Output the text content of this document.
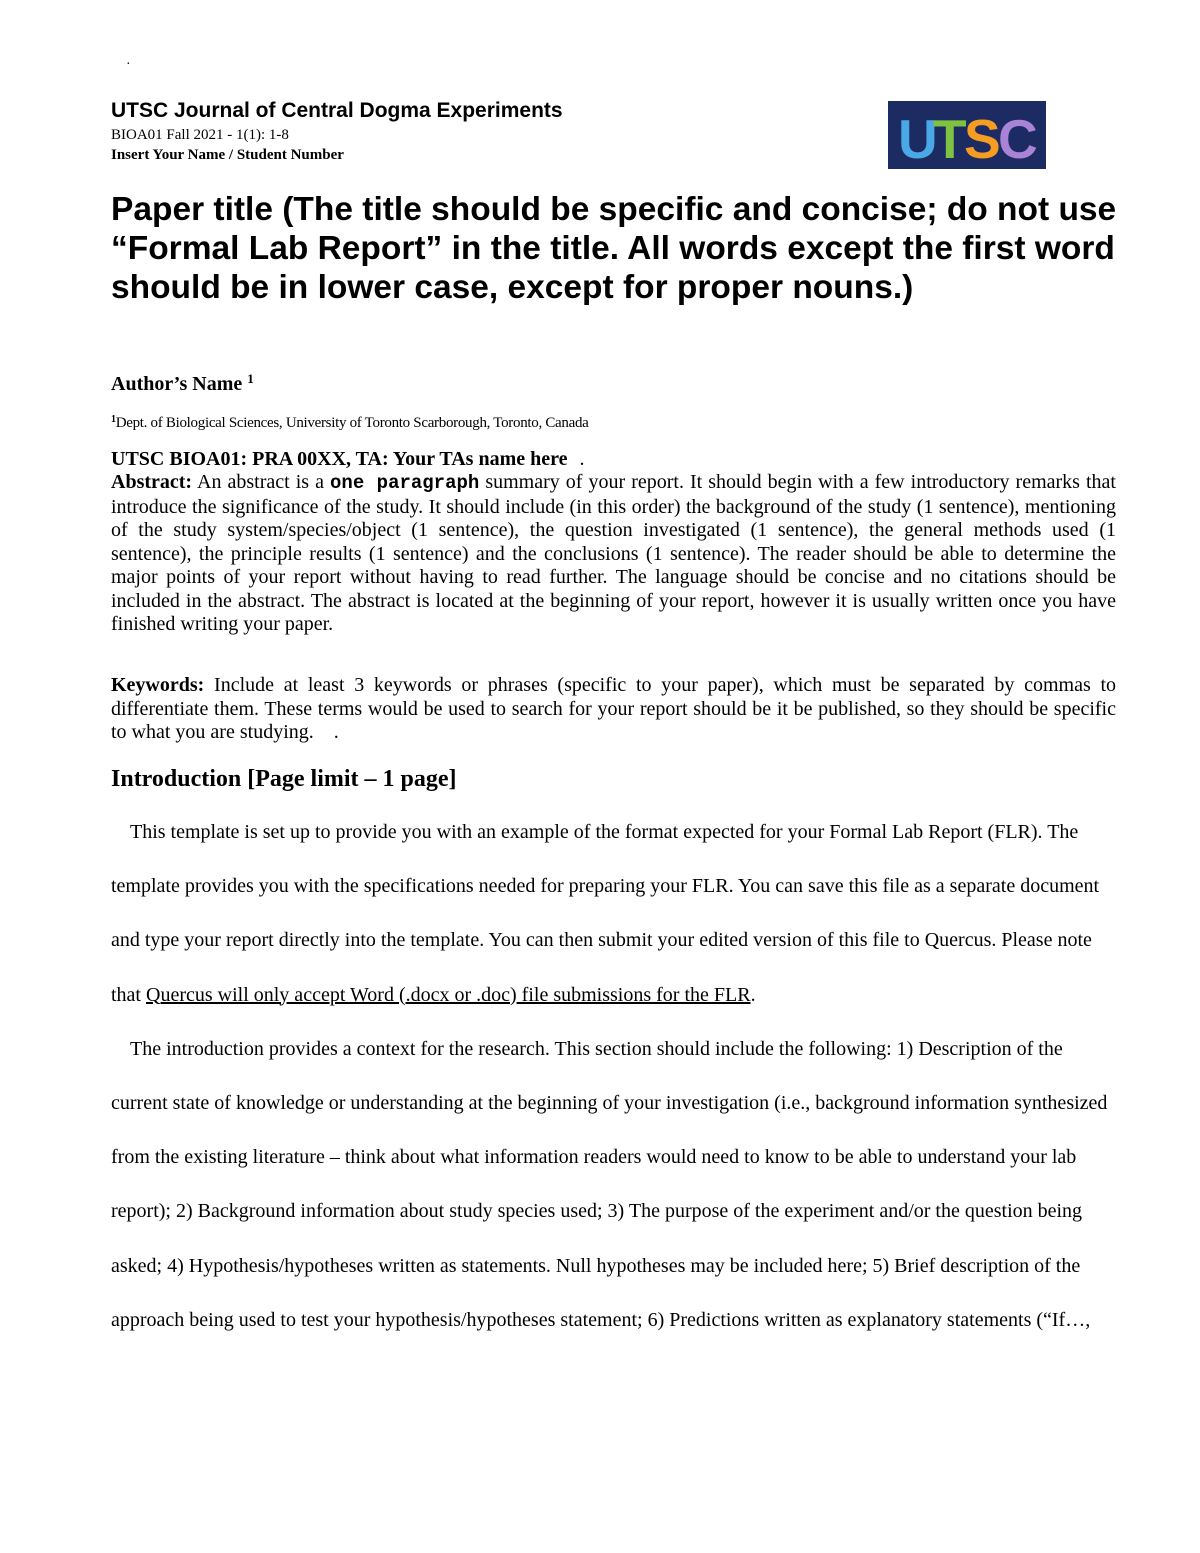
·
UTSC Journal of Central Dogma Experiments
BIOA01 Fall 2021 - 1(1): 1-8
Insert Your Name / Student Number	U
T
S
C
Paper title (The title should be specific and concise; do not use “Formal Lab Report” in the title. All words except the first word should be in lower case, except for proper nouns.)
Author’s Name $^1$
$^1$Dept. of Biological Sciences, University of Toronto Scarborough, Toronto, Canada
UTSC BIOA01: PRA 00XX, TA: Your TAs name here .

Abstract: An abstract is a one paragraph summary of your report. It should begin with a few introductory remarks that introduce the significance of the study. It should include (in this order) the background of the study (1 sentence), mentioning of the study system/species/object (1 sentence), the question investigated (1 sentence), the general methods used (1 sentence), the principle results (1 sentence) and the conclusions (1 sentence). The reader should be able to determine the major points of your report without having to read further. The language should be concise and no citations should be included in the abstract. The abstract is located at the beginning of your report, however it is usually written once you have finished writing your paper.

Keywords: Include at least 3 keywords or phrases (specific to your paper), which must be separated by commas to differentiate them. These terms would be used to search for your report should be it be published, so they should be specific to what you are studying.    .

Introduction [Page limit – 1 page]

This template is set up to provide you with an example of the format expected for your Formal Lab Report (FLR). The template provides you with the specifications needed for preparing your FLR. You can save this file as a separate document and type your report directly into the template. You can then submit your edited version of this file to Quercus. Please note that Quercus will only accept Word (.docx or .doc) file submissions for the FLR.

The introduction provides a context for the research. This section should include the following: 1) Description of the current state of knowledge or understanding at the beginning of your investigation (i.e., background information synthesized from the existing literature – think about what information readers would need to know to be able to understand your lab report); 2) Background information about study species used; 3) The purpose of the experiment and/or the question being asked; 4) Hypothesis/hypotheses written as statements. Null hypotheses may be included here; 5) Brief description of the approach being used to test your hypothesis/hypotheses statement; 6) Predictions written as explanatory statements (“If…,
